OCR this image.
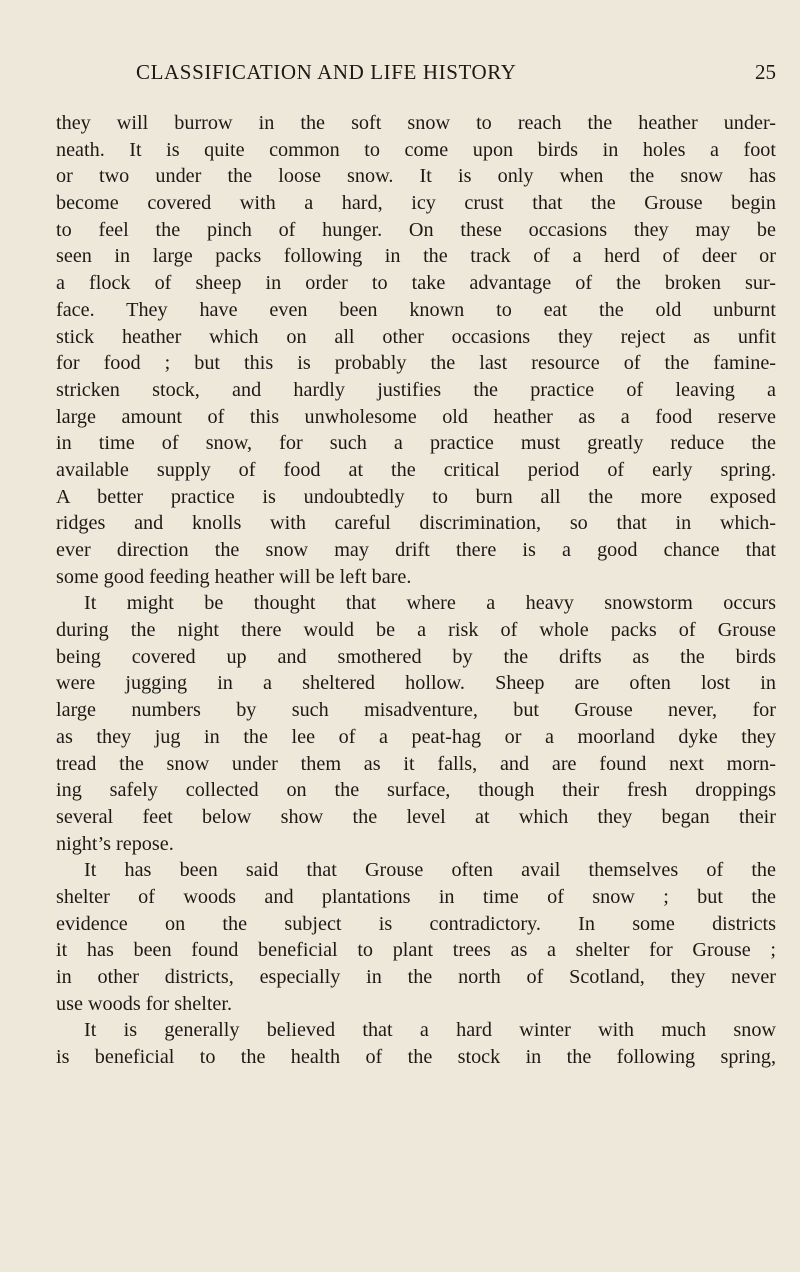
CLASSIFICATION AND LIFE HISTORY	25
they will burrow in the soft snow to reach the heather under-
neath. It is quite common to come upon birds in holes a foot
or two under the loose snow. It is only when the snow has
become covered with a hard, icy crust that the Grouse begin
to feel the pinch of hunger. On these occasions they may be
seen in large packs following in the track of a herd of deer or
a flock of sheep in order to take advantage of the broken sur-
face. They have even been known to eat the old unburnt
stick heather which on all other occasions they reject as unfit
for food ; but this is probably the last resource of the famine-
stricken stock, and hardly justifies the practice of leaving a
large amount of this unwholesome old heather as a food reserve
in time of snow, for such a practice must greatly reduce the
available supply of food at the critical period of early spring.
A better practice is undoubtedly to burn all the more exposed
ridges and knolls with careful discrimination, so that in which-
ever direction the snow may drift there is a good chance that
some good feeding heather will be left bare.
It might be thought that where a heavy snowstorm occurs
during the night there would be a risk of whole packs of Grouse
being covered up and smothered by the drifts as the birds
were jugging in a sheltered hollow. Sheep are often lost in
large numbers by such misadventure, but Grouse never, for
as they jug in the lee of a peat-hag or a moorland dyke they
tread the snow under them as it falls, and are found next morn-
ing safely collected on the surface, though their fresh droppings
several feet below show the level at which they began their
night’s repose.
It has been said that Grouse often avail themselves of the
shelter of woods and plantations in time of snow ; but the
evidence on the subject is contradictory. In some districts
it has been found beneficial to plant trees as a shelter for Grouse ;
in other districts, especially in the north of Scotland, they never
use woods for shelter.
It is generally believed that a hard winter with much snow
is beneficial to the health of the stock in the following spring,
